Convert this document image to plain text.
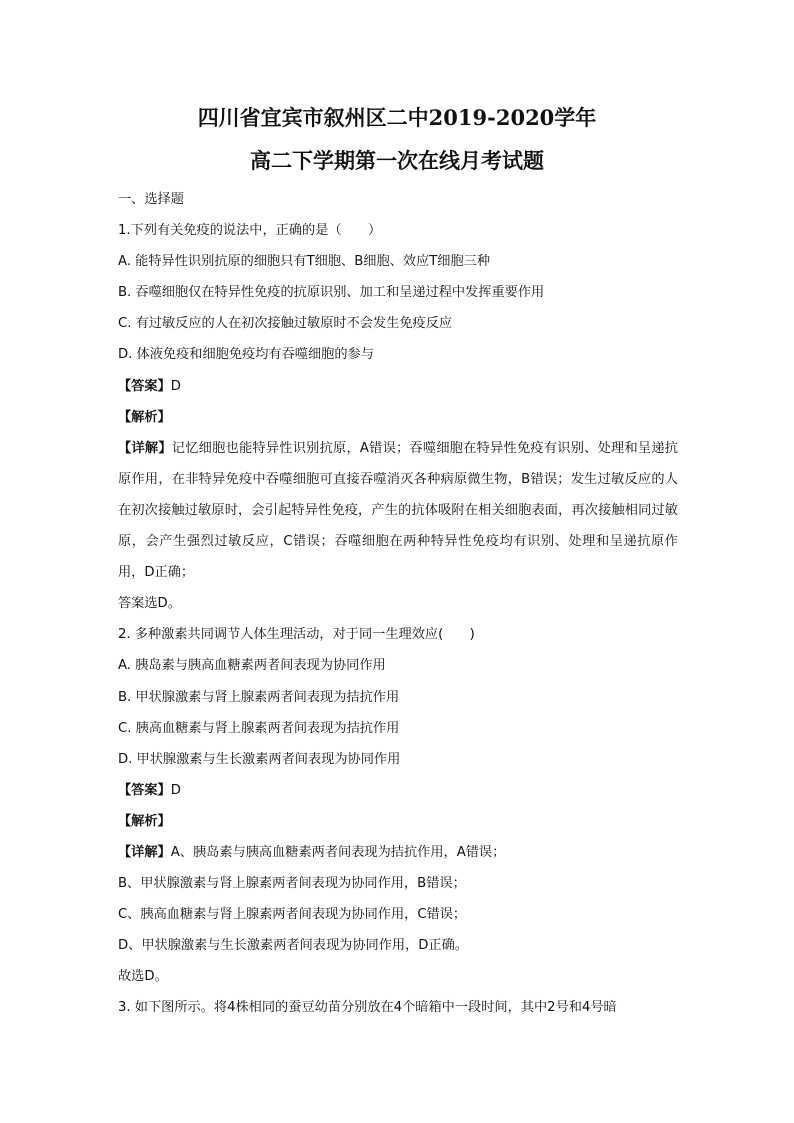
四川省宜宾市叙州区二中2019-2020学年
高二下学期第一次在线月考试题
一、选择题
1.下列有关免疫的说法中，正确的是（　　）
A. 能特异性识别抗原的细胞只有T细胞、B细胞、效应T细胞三种
B. 吞噬细胞仅在特异性免疫的抗原识别、加工和呈递过程中发挥重要作用
C. 有过敏反应的人在初次接触过敏原时不会发生免疫反应
D. 体液免疫和细胞免疫均有吞噬细胞的参与
【答案】D
【解析】
【详解】记忆细胞也能特异性识别抗原，A错误；吞噬细胞在特异性免疫有识别、处理和呈递抗原作用，在非特异免疫中吞噬细胞可直接吞噬消灭各种病原微生物，B错误；发生过敏反应的人在初次接触过敏原时，会引起特异性免疫，产生的抗体吸附在相关细胞表面，再次接触相同过敏原，会产生强烈过敏反应，C错误；吞噬细胞在两种特异性免疫均有识别、处理和呈递抗原作用，D正确；
答案选D。
2. 多种激素共同调节人体生理活动，对于同一生理效应(　　)
A. 胰岛素与胰高血糖素两者间表现为协同作用
B. 甲状腺激素与肾上腺素两者间表现为拮抗作用
C. 胰高血糖素与肾上腺素两者间表现为拮抗作用
D. 甲状腺激素与生长激素两者间表现为协同作用
【答案】D
【解析】
【详解】A、胰岛素与胰高血糖素两者间表现为拮抗作用，A错误；
B、甲状腺激素与肾上腺素两者间表现为协同作用，B错误；
C、胰高血糖素与肾上腺素两者间表现为协同作用，C错误；
D、甲状腺激素与生长激素两者间表现为协同作用，D正确。
故选D。
3. 如下图所示。将4株相同的蚕豆幼苗分别放在4个暗箱中一段时间，其中2号和4号暗
